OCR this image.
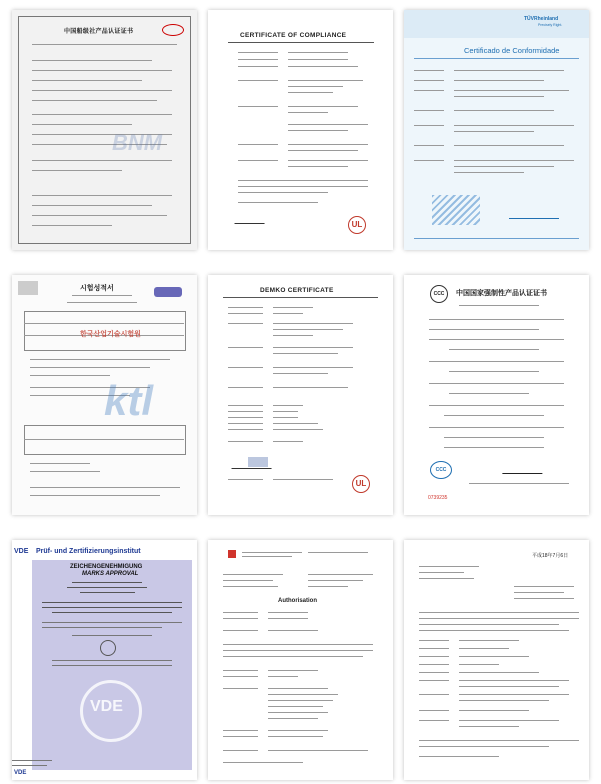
中国船级社产品认证证书
BNM
CERTIFICATE OF COMPLIANCE
UL
TÜVRheinland
Precisely Right.
Certificado de Conformidade
시험성적서
한국산업기술시험원
ktl
DEMKO CERTIFICATE
UL
CCC	中国国家强制性产品认证证书
CCC
0739235
VDE Prüf- und Zertifizierungsinstitut
ZEICHENGENEHMIGUNG
MARKS APPROVAL
VDE
VDE
Authorisation
平成18年7月6日
